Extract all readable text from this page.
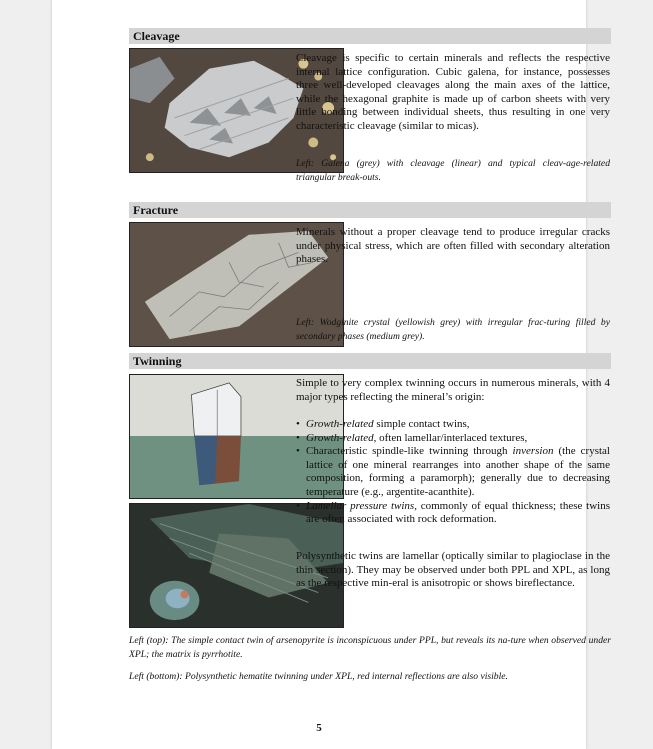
Cleavage

Cleavage is specific to certain minerals and reflects the respective internal lattice configuration. Cubic galena, for instance, possesses three well-developed cleavages along the main axes of the lattice, while the hexagonal graphite is made up of carbon sheets with very little bonding between individual sheets, thus resulting in one very characteristic cleavage (similar to micas).

Left: Galena (grey) with cleavage (linear) and typical cleav-age-related triangular break-outs.

Fracture

Minerals without a proper cleavage tend to produce irregular cracks under physical stress, which are often filled with secondary alteration phases.

Left: Wodginite crystal (yellowish grey) with irregular frac-turing filled by secondary phases (medium grey).

Twinning

Simple to very complex twinning occurs in numerous minerals, with 4 major types reflecting the mineral’s origin:

• Growth-related simple contact twins,
• Growth-related, often lamellar/interlaced textures,
• Characteristic spindle-like twinning through inversion (the crystal lattice of one mineral rearranges into another shape of the same composition, forming a paramorph); generally due to decreasing temperature (e.g., argentite-acanthite).
• Lamellar pressure twins, commonly of equal thickness; these twins are often associated with rock deformation.

Polysynthetic twins are lamellar (optically similar to plagioclase in the thin section). They may be observed under both PPL and XPL, as long as the respective min-eral is anisotropic or shows bireflectance.

Left (top): The simple contact twin of arsenopyrite is inconspicuous under PPL, but reveals its na-ture when observed under XPL; the matrix is pyrrhotite.

Left (bottom): Polysynthetic hematite twinning under XPL, red internal reflections are also visible.

5
